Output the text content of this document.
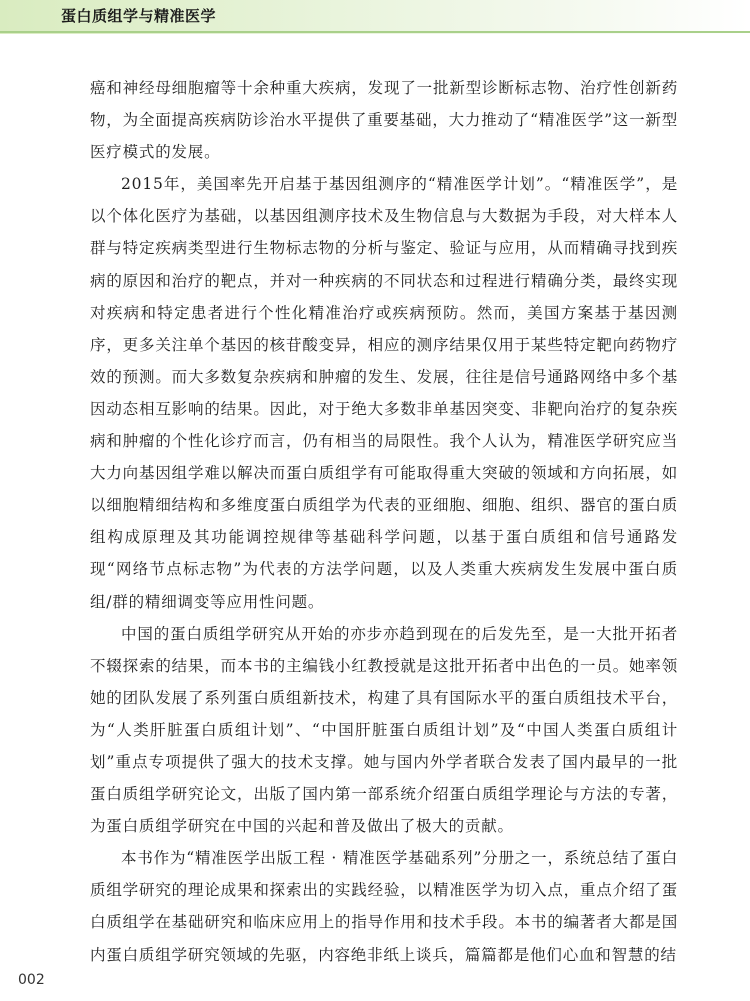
蛋白质组学与精准医学

癌和神经母细胞瘤等十余种重大疾病，发现了一批新型诊断标志物、治疗性创新药物，为全面提高疾病防诊治水平提供了重要基础，大力推动了“精准医学”这一新型医疗模式的发展。

2015年，美国率先开启基于基因组测序的“精准医学计划”。“精准医学”，是以个体化医疗为基础，以基因组测序技术及生物信息与大数据为手段，对大样本人群与特定疾病类型进行生物标志物的分析与鉴定、验证与应用，从而精确寻找到疾病的原因和治疗的靶点，并对一种疾病的不同状态和过程进行精确分类，最终实现对疾病和特定患者进行个性化精准治疗或疾病预防。然而，美国方案基于基因测序，更多关注单个基因的核苷酸变异，相应的测序结果仅用于某些特定靶向药物疗效的预测。而大多数复杂疾病和肿瘤的发生、发展，往往是信号通路网络中多个基因动态相互影响的结果。因此，对于绝大多数非单基因突变、非靶向治疗的复杂疾病和肿瘤的个性化诊疗而言，仍有相当的局限性。我个人认为，精准医学研究应当大力向基因组学难以解决而蛋白质组学有可能取得重大突破的领域和方向拓展，如以细胞精细结构和多维度蛋白质组学为代表的亚细胞、细胞、组织、器官的蛋白质组构成原理及其功能调控规律等基础科学问题，以基于蛋白质组和信号通路发现“网络节点标志物”为代表的方法学问题，以及人类重大疾病发生发展中蛋白质组/群的精细调变等应用性问题。

中国的蛋白质组学研究从开始的亦步亦趋到现在的后发先至，是一大批开拓者不辍探索的结果，而本书的主编钱小红教授就是这批开拓者中出色的一员。她率领她的团队发展了系列蛋白质组新技术，构建了具有国际水平的蛋白质组技术平台，为“人类肝脏蛋白质组计划”、“中国肝脏蛋白质组计划”及“中国人类蛋白质组计划”重点专项提供了强大的技术支撑。她与国内外学者联合发表了国内最早的一批蛋白质组学研究论文，出版了国内第一部系统介绍蛋白质组学理论与方法的专著，为蛋白质组学研究在中国的兴起和普及做出了极大的贡献。

本书作为“精准医学出版工程 · 精准医学基础系列”分册之一，系统总结了蛋白质组学研究的理论成果和探索出的实践经验，以精准医学为切入点，重点介绍了蛋白质组学在基础研究和临床应用上的指导作用和技术手段。本书的编著者大都是国内蛋白质组学研究领域的先驱，内容绝非纸上谈兵，篇篇都是他们心血和智慧的结

002
